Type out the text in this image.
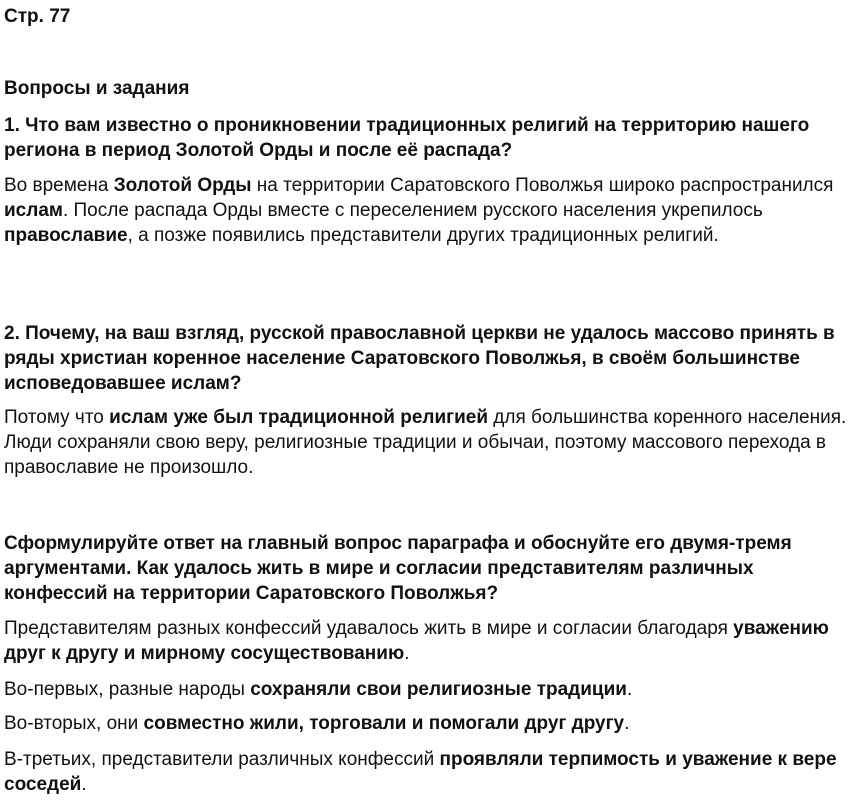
Стр. 77
Вопросы и задания
1. Что вам известно о проникновении традиционных религий на территорию нашего региона в период Золотой Орды и после её распада?
Во времена Золотой Орды на территории Саратовского Поволжья широко распространился ислам. После распада Орды вместе с переселением русского населения укрепилось православие, а позже появились представители других традиционных религий.
2. Почему, на ваш взгляд, русской православной церкви не удалось массово принять в ряды христиан коренное население Саратовского Поволжья, в своём большинстве исповедовавшее ислам?
Потому что ислам уже был традиционной религией для большинства коренного населения. Люди сохраняли свою веру, религиозные традиции и обычаи, поэтому массового перехода в православие не произошло.
Сформулируйте ответ на главный вопрос параграфа и обоснуйте его двумя-тремя аргументами. Как удалось жить в мире и согласии представителям различных конфессий на территории Саратовского Поволжья?
Представителям разных конфессий удавалось жить в мире и согласии благодаря уважению друг к другу и мирному сосуществованию.
Во-первых, разные народы сохраняли свои религиозные традиции.
Во-вторых, они совместно жили, торговали и помогали друг другу.
В-третьих, представители различных конфессий проявляли терпимость и уважение к вере соседей.
